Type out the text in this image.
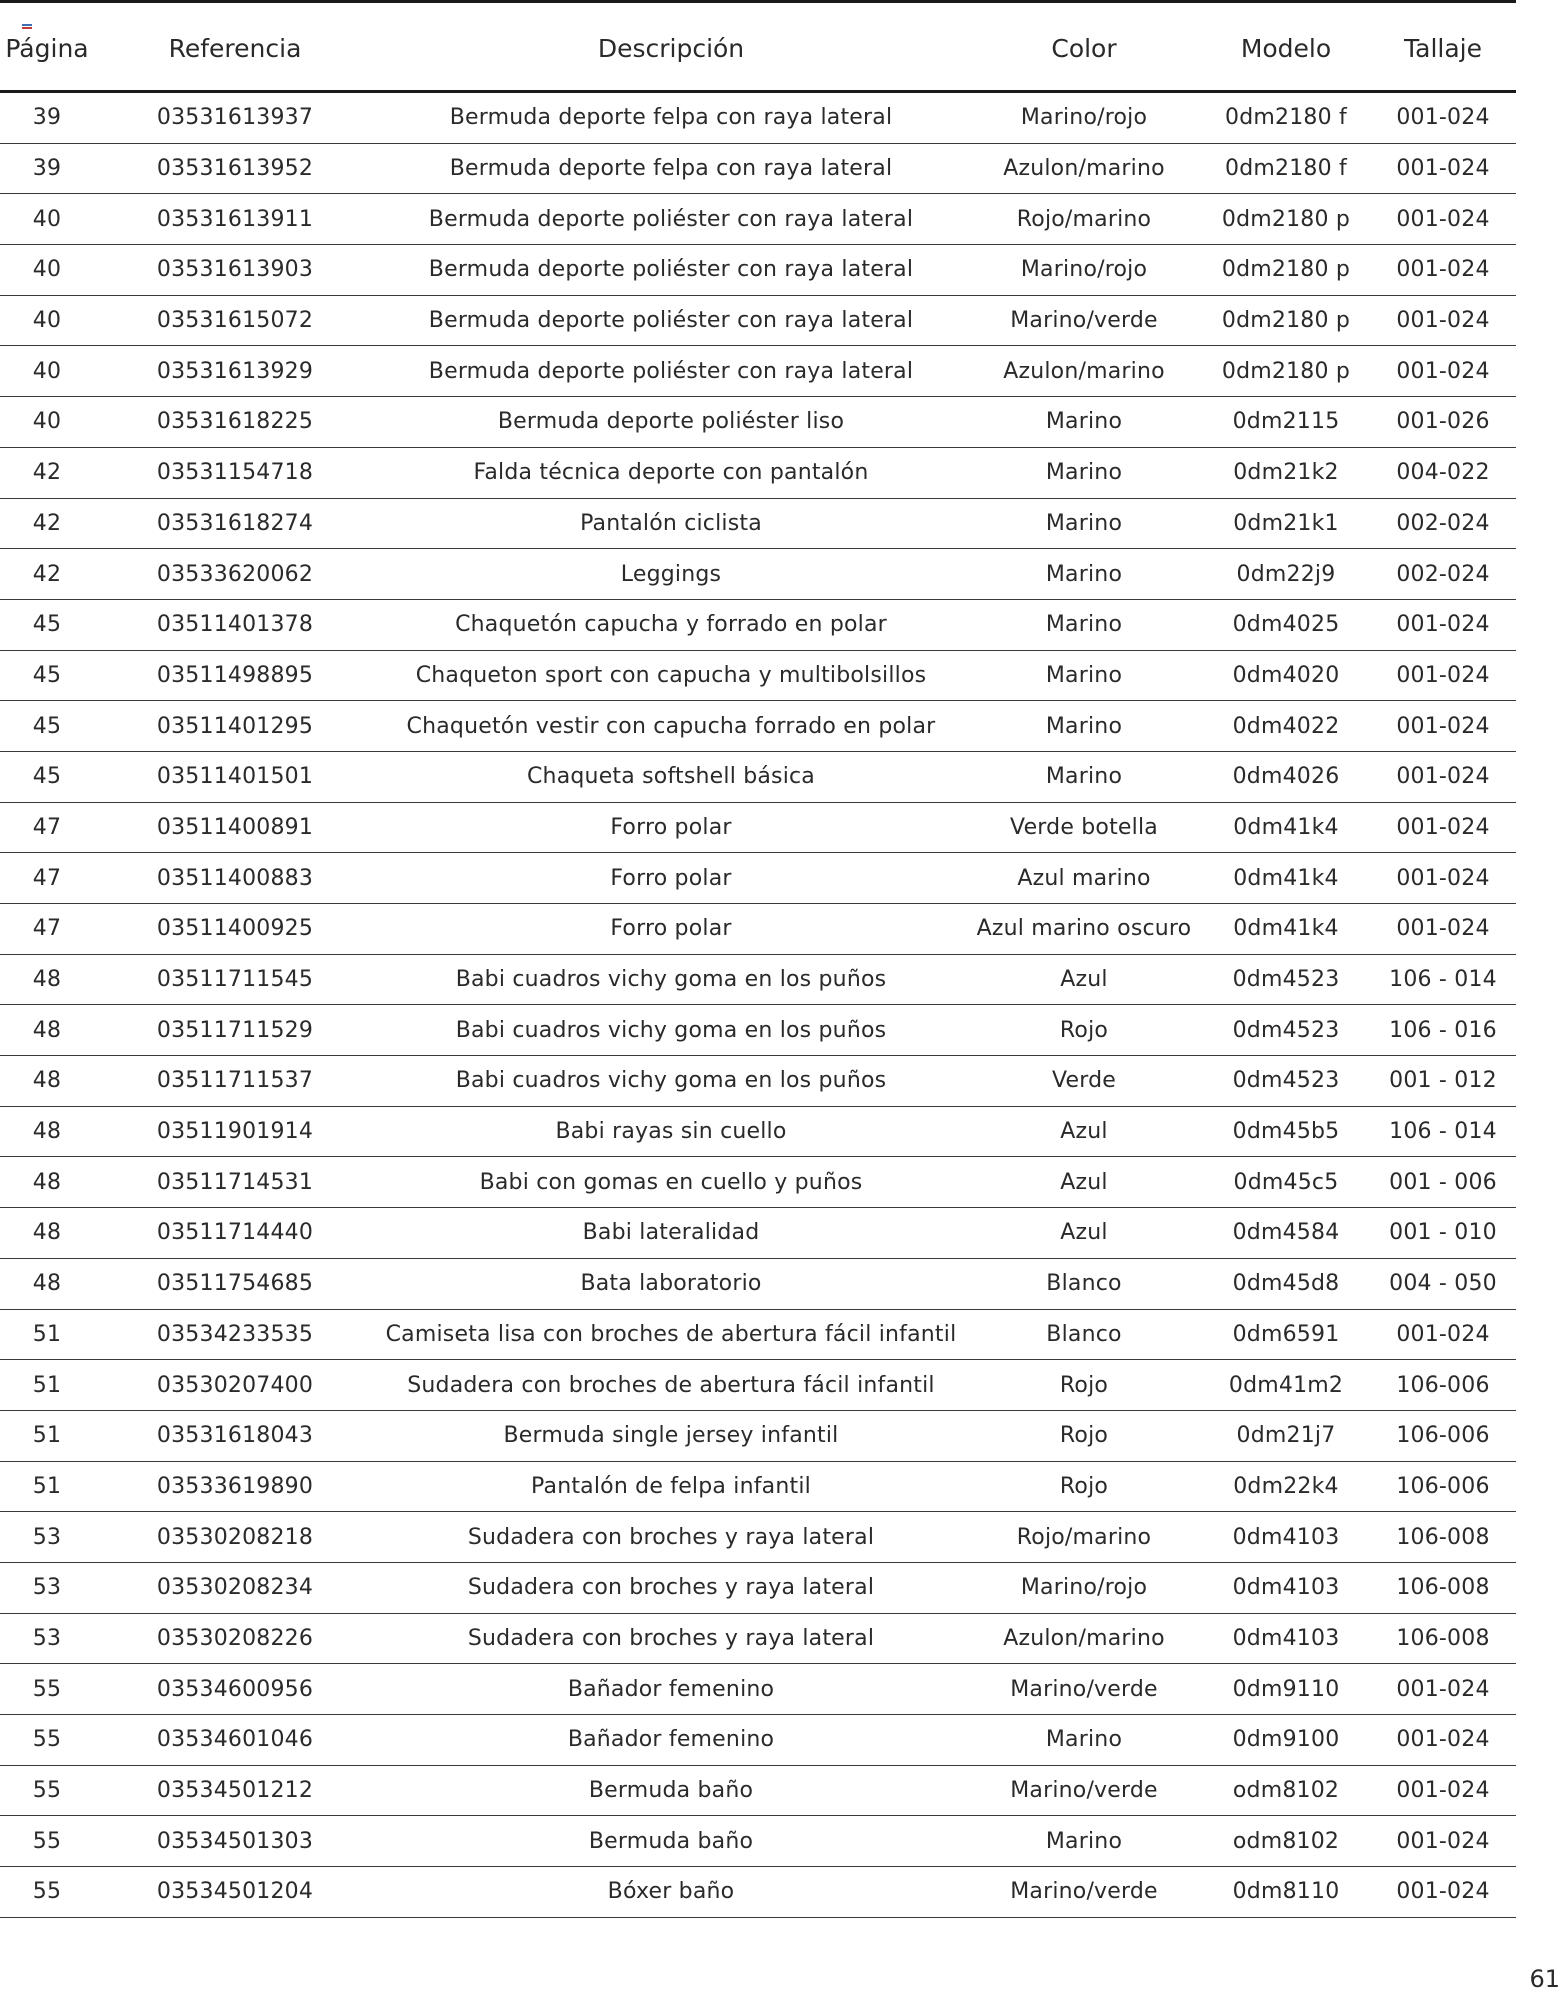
Página	Referencia	Descripción	Color	Modelo	Tallaje
39	03531613937	Bermuda deporte felpa con raya lateral	Marino/rojo	0dm2180 f	001-024
39	03531613952	Bermuda deporte felpa con raya lateral	Azulon/marino	0dm2180 f	001-024
40	03531613911	Bermuda deporte poliéster con raya lateral	Rojo/marino	0dm2180 p	001-024
40	03531613903	Bermuda deporte poliéster con raya lateral	Marino/rojo	0dm2180 p	001-024
40	03531615072	Bermuda deporte poliéster con raya lateral	Marino/verde	0dm2180 p	001-024
40	03531613929	Bermuda deporte poliéster con raya lateral	Azulon/marino	0dm2180 p	001-024
40	03531618225	Bermuda deporte poliéster liso	Marino	0dm2115	001-026
42	03531154718	Falda técnica deporte con pantalón	Marino	0dm21k2	004-022
42	03531618274	Pantalón ciclista	Marino	0dm21k1	002-024
42	03533620062	Leggings	Marino	0dm22j9	002-024
45	03511401378	Chaquetón capucha y forrado en polar	Marino	0dm4025	001-024
45	03511498895	Chaqueton sport con capucha y multibolsillos	Marino	0dm4020	001-024
45	03511401295	Chaquetón vestir con capucha forrado en polar	Marino	0dm4022	001-024
45	03511401501	Chaqueta softshell básica	Marino	0dm4026	001-024
47	03511400891	Forro polar	Verde botella	0dm41k4	001-024
47	03511400883	Forro polar	Azul marino	0dm41k4	001-024
47	03511400925	Forro polar	Azul marino oscuro	0dm41k4	001-024
48	03511711545	Babi cuadros vichy goma en los puños	Azul	0dm4523	106 - 014
48	03511711529	Babi cuadros vichy goma en los puños	Rojo	0dm4523	106 - 016
48	03511711537	Babi cuadros vichy goma en los puños	Verde	0dm4523	001 - 012
48	03511901914	Babi rayas sin cuello	Azul	0dm45b5	106 - 014
48	03511714531	Babi con gomas en cuello y puños	Azul	0dm45c5	001 - 006
48	03511714440	Babi lateralidad	Azul	0dm4584	001 - 010
48	03511754685	Bata laboratorio	Blanco	0dm45d8	004 - 050
51	03534233535	Camiseta lisa con broches de abertura fácil infantil	Blanco	0dm6591	001-024
51	03530207400	Sudadera con broches de abertura fácil infantil	Rojo	0dm41m2	106-006
51	03531618043	Bermuda single jersey infantil	Rojo	0dm21j7	106-006
51	03533619890	Pantalón de felpa infantil	Rojo	0dm22k4	106-006
53	03530208218	Sudadera con broches y raya lateral	Rojo/marino	0dm4103	106-008
53	03530208234	Sudadera con broches y raya lateral	Marino/rojo	0dm4103	106-008
53	03530208226	Sudadera con broches y raya lateral	Azulon/marino	0dm4103	106-008
55	03534600956	Bañador femenino	Marino/verde	0dm9110	001-024
55	03534601046	Bañador femenino	Marino	0dm9100	001-024
55	03534501212	Bermuda baño	Marino/verde	odm8102	001-024
55	03534501303	Bermuda baño	Marino	odm8102	001-024
55	03534501204	Bóxer baño	Marino/verde	0dm8110	001-024
61
